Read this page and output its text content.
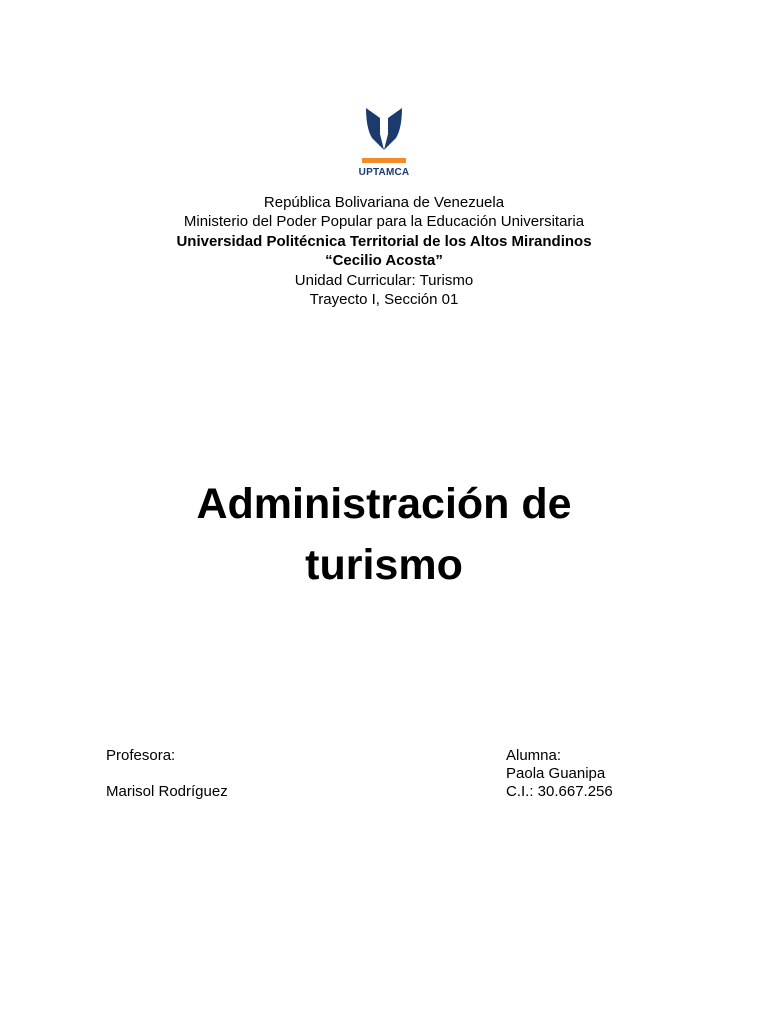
UPTAMCA
República Bolivariana de Venezuela
Ministerio del Poder Popular para la Educación Universitaria
Universidad Politécnica Territorial de los Altos Mirandinos
“Cecilio Acosta”
Unidad Curricular: Turismo
Trayecto I, Sección 01
Administración de
turismo
Profesora:
Marisol Rodríguez
Alumna:
Paola Guanipa
C.I.: 30.667.256
